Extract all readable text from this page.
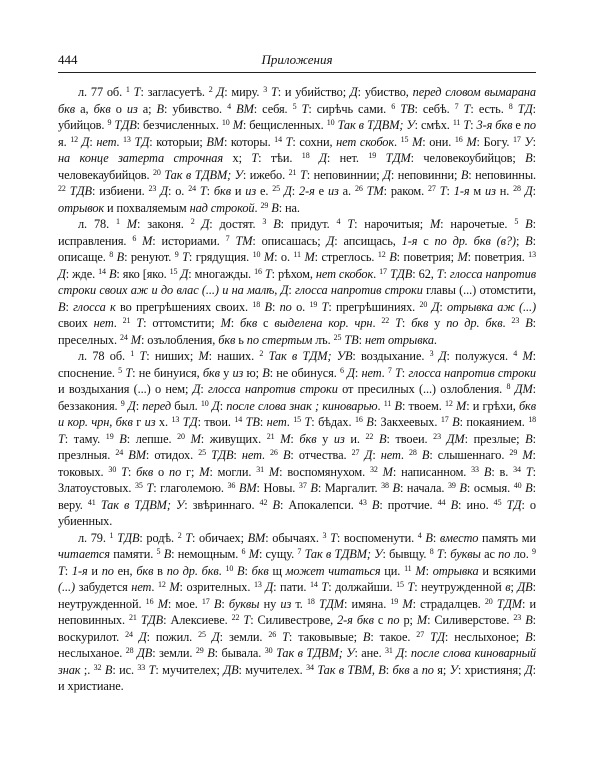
444	Приложения

л. 77 об. $^1$ Т: загласуетѣ. $^2$ Д: миру. $^3$ Т: и убийство; Д: убиство, перед словом вымарана бкв а, бкв о из а; В: убивство. $^4$ ВМ: себя. $^5$ Т: сирѣчь сами. $^6$ ТВ: себѣ. $^7$ Т: есть. $^8$ ТД: убийцов. $^9$ ТДВ: безчисленных. $^{10}$ М: бещисленных. $^{10}$ Так в ТДВМ; У: смѣх. $^{11}$ Т: 3-я бкв е по я. $^{12}$ Д: нет. $^{13}$ ТД: которыи; ВМ: которы. $^{14}$ Т: сохни, нет скобок. $^{15}$ М: они. $^{16}$ М: Богу. $^{17}$ У: на конце затерта строчная х; Т: тѣи. $^{18}$ Д: нет. $^{19}$ ТДМ: человекоубийцов; В: человекаубийцов. $^{20}$ Так в ТДВМ; У: ижебо. $^{21}$ Т: неповиннии; Д: неповинни; В: неповинны. $^{22}$ ТДВ: избиени. $^{23}$ Д: о. $^{24}$ Т: бкв и из е. $^{25}$ Д: 2-я е из а. $^{26}$ ТМ: раком. $^{27}$ Т: 1-я м из н. $^{28}$ Д: отрывок и похваляемым над строкой. $^{29}$ В: на.

л. 78. $^1$ М: законя. $^2$ Д: достят. $^3$ В: придут. $^4$ Т: нарочитыя; М: нарочетые. $^5$ В: исправления. $^6$ М: историами. $^7$ ТМ: описашась; Д: апсищась, 1-я с по др. бкв (в?); В: описаще. $^8$ В: ренуют. $^9$ Т: грядущия. $^{10}$ М: о. $^{11}$ М: стреглось. $^{12}$ В: поветрия; М: поветрия. $^{13}$ Д: жде. $^{14}$ В: яко [яко. $^{15}$ Д: многажды. $^{16}$ Т: рѣхом, нет скобок. $^{17}$ ТДВ: 62, Т: глосса напротив строки своих аж и до влас (...) и на малѣ, Д: глосса напротив строки главы (...) отомстити, В: глосса к во прегрѣшениях своих. $^{18}$ В: по о. $^{19}$ Т: прегрѣшиниях. $^{20}$ Д: отрывка аж (...) своих нет. $^{21}$ Т: оттомстити; М: бкв с выделена кор. чрн. $^{22}$ Т: бкв у по др. бкв. $^{23}$ В: преселных. $^{24}$ М: озълобления, бкв ь по стертым лъ. $^{25}$ ТВ: нет отрывка.

л. 78 об. $^1$ Т: ниших; М: наших. $^2$ Так в ТДМ; УВ: воздыхание. $^3$ Д: полужуся. $^4$ М: споснение. $^5$ Т: не бинуися, бкв у из ю; В: не обинуся. $^6$ Д: нет. $^7$ Т: глосса напротив строки и воздыхания (...) о нем; Д: глосса напротив строки от пресилных (...) озлобления. $^8$ ДМ: беззакония. $^9$ Д: перед был. $^{10}$ Д: после слова знак ; киноварью. $^{11}$ В: твоем. $^{12}$ М: и грѣхи, бкв и кор. чрн, бкв г из х. $^{13}$ ТД: твои. $^{14}$ ТВ: нет. $^{15}$ Т: бѣдах. $^{16}$ В: Закхеевых. $^{17}$ В: покаянием. $^{18}$ Т: таму. $^{19}$ В: лепше. $^{20}$ М: живущих. $^{21}$ М: бкв у из и. $^{22}$ В: твоеи. $^{23}$ ДМ: презлые; В: презлныя. $^{24}$ ВМ: отидох. $^{25}$ ТДВ: нет. $^{26}$ В: отчества. $^{27}$ Д: нет. $^{28}$ В: слышеннаго. $^{29}$ М: токовых. $^{30}$ Т: бкв о по г; М: могли. $^{31}$ М: воспомянухом. $^{32}$ М: написанном. $^{33}$ В: в. $^{34}$ Т: Златоустовых. $^{35}$ Т: глаголемою. $^{36}$ ВМ: Новы. $^{37}$ В: Маргалит. $^{38}$ В: начала. $^{39}$ В: осмыя. $^{40}$ В: веру. $^{41}$ Так в ТДВМ; У: звѣриннаго. $^{42}$ В: Апокалепси. $^{43}$ В: протчие. $^{44}$ В: ино. $^{45}$ ТД: о убиенных.

л. 79. $^1$ ТДВ: родѣ. $^2$ Т: обичаех; ВМ: обычаях. $^3$ Т: воспоменути. $^4$ В: вместо память ми читается памяти. $^5$ В: немощным. $^6$ М: сущу. $^7$ Так в ТДВМ; У: бывщу. $^8$ Т: буквы ас по ло. $^9$ Т: 1-я и по ен, бкв в по др. бкв. $^{10}$ В: бкв щ может читаться ци. $^{11}$ М: отрывка и всякими (...) забудется нет. $^{12}$ М: озрителных. $^{13}$ Д: пати. $^{14}$ Т: должайши. $^{15}$ Т: неутружденной в; ДВ: неутружденной. $^{16}$ М: мое. $^{17}$ В: буквы ну из т. $^{18}$ ТДМ: имяна. $^{19}$ М: страдалцев. $^{20}$ ТДМ: и неповинных. $^{21}$ ТДВ: Алексиеве. $^{22}$ Т: Силивестрове, 2-я бкв с по р; М: Силиверстове. $^{23}$ В: воскурилот. $^{24}$ Д: пожил. $^{25}$ Д: земли. $^{26}$ Т: таковывые; В: такое. $^{27}$ ТД: неслыхоное; В: неслыханое. $^{28}$ ДВ: земли. $^{29}$ В: бывала. $^{30}$ Так в ТДВМ; У: ане. $^{31}$ Д: после слова киноварный знак ;. $^{32}$ В: ис. $^{33}$ Т: мучителех; ДВ: мучителех. $^{34}$ Так в ТВМ, В: бкв а по я; У: християня; Д: и христиане.
